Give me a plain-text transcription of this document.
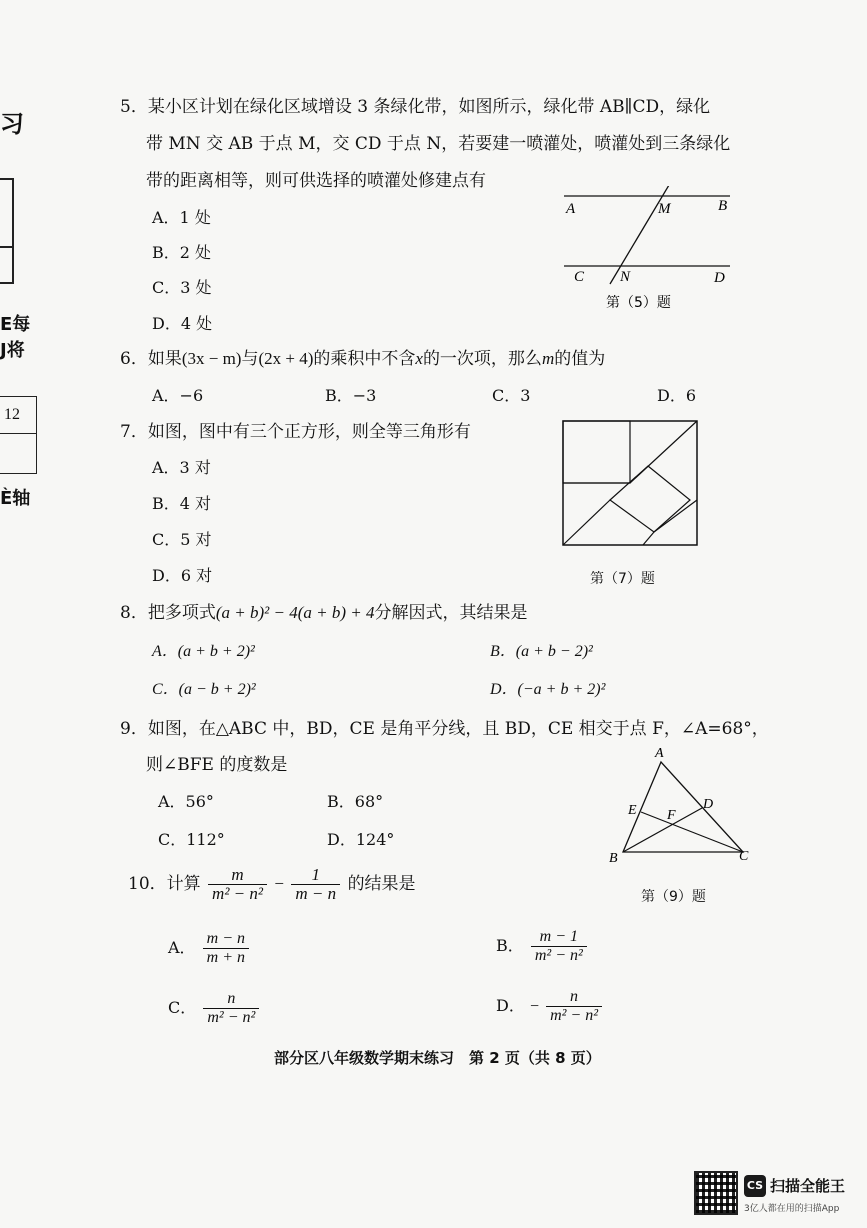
习
E每
J将
12
È轴
5．某小区计划在绿化区域增设 3 条绿化带，如图所示，绿化带 AB∥CD，绿化
带 MN 交 AB 于点 M，交 CD 于点 N，若要建一喷灌处，喷灌处到三条绿化
带的距离相等，则可供选择的喷灌处修建点有
A．1 处
B．2 处
C．3 处
D．4 处
A	M	B
C N	D
第（5）题
6．如果(3x − m)与(2x + 4)的乘积中不含x的一次项，那么m的值为
A．−6	B．−3	C．3	D．6
7．如图，图中有三个正方形，则全等三角形有
A．3 对
B．4 对
C．5 对
D．6 对	第（7）题
8．把多项式(a + b)² − 4(a + b) + 4分解因式，其结果是
A．(a + b + 2)²	B．(a + b − 2)²
C．(a − b + 2)²	D．(−a + b + 2)²
9．如图，在△ABC 中，BD，CE 是角平分线，且 BD，CE 相交于点 F，∠A=68°，
则∠BFE 的度数是
A．56°	B．68°
C．112°	D．124°
A
E F
D
B	C
第（9）题
10．计算 $\frac{m}{\text{m² − n²}} - \frac{1}{m - n}$ 的结果是
A． $\frac{m - n}{m + n}$	B． $\frac{m - 1}{\text{m² − n²}}$
C． $\frac{n}{\text{m² − n²}}$	D． − $\frac{n}{\text{m² − n²}}$
部分区八年级数学期末练习　第 2 页（共 8 页）
CS 扫描全能王
3亿人都在用的扫描App
